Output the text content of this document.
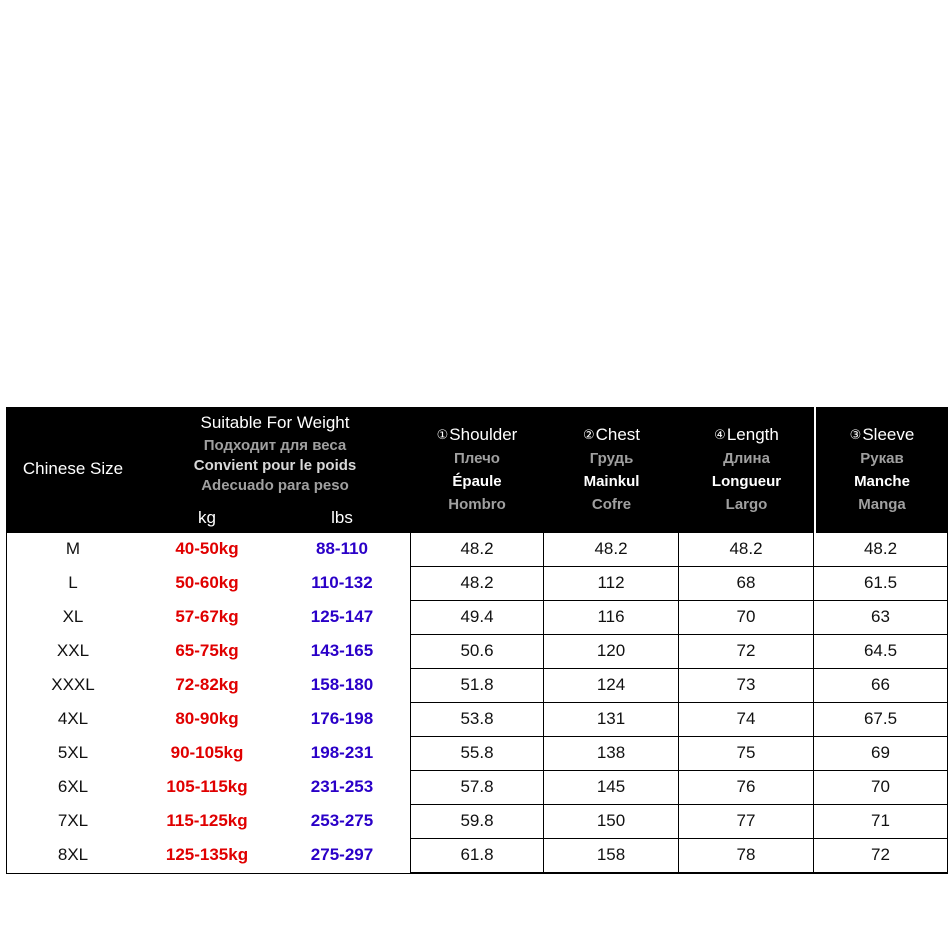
Chinese Size
Suitable For Weight
Подходит для веса
Convient pour le poids
Adecuado para peso
kg	lbs
①Shoulder
Плечо
Épaule
Hombro
②Chest
Грудь
Mainkul
Cofre
④Length
Длина
Longueur
Largo
③Sleeve
Рукав
Manche
Manga
M	40-50kg	88-110	48.2	48.2	48.2	48.2
L	50-60kg	110-132	48.2	112	68	61.5
XL	57-67kg	125-147	49.4	116	70	63
XXL	65-75kg	143-165	50.6	120	72	64.5
XXXL	72-82kg	158-180	51.8	124	73	66
4XL	80-90kg	176-198	53.8	131	74	67.5
5XL	90-105kg	198-231	55.8	138	75	69
6XL	105-115kg	231-253	57.8	145	76	70
7XL	115-125kg	253-275	59.8	150	77	71
8XL	125-135kg	275-297	61.8	158	78	72
